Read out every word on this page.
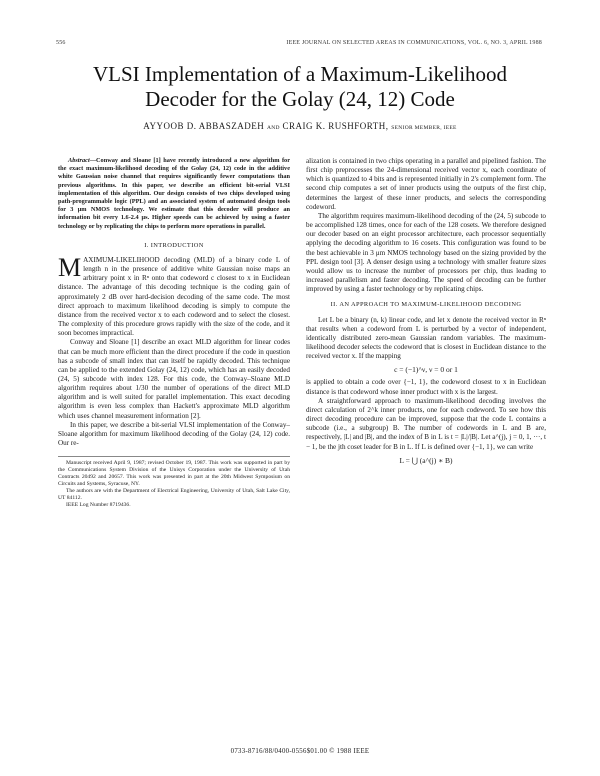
556	IEEE JOURNAL ON SELECTED AREAS IN COMMUNICATIONS, VOL. 6, NO. 3, APRIL 1988
VLSI Implementation of a Maximum-Likelihood
Decoder for the Golay (24, 12) Code
AYYOOB D. ABBASZADEH AND CRAIG K. RUSHFORTH, SENIOR MEMBER, IEEE

Abstract—Conway and Sloane [1] have recently introduced a new algorithm for the exact maximum-likelihood decoding of the Golay (24, 12) code in the additive white Gaussian noise channel that requires significantly fewer computations than previous algorithms. In this paper, we describe an efficient bit-serial VLSI implementation of this algorithm. Our design consists of two chips developed using path-programmable logic (PPL) and an associated system of automated design tools for 3 μm NMOS technology. We estimate that this decoder will produce an information bit every 1.6-2.4 μs. Higher speeds can be achieved by using a faster technology or by replicating the chips to perform more operations in parallel.

I. INTRODUCTION

MAXIMUM-LIKELIHOOD decoding (MLD) of a binary code L of length n in the presence of additive white Gaussian noise maps an arbitrary point x in Rⁿ onto that codeword c closest to x in Euclidean distance. The advantage of this decoding technique is the coding gain of approximately 2 dB over hard-decision decoding of the same code. The most direct approach to maximum likelihood decoding is simply to compute the distance from the received vector x to each codeword and to select the closest. The complexity of this procedure grows rapidly with the size of the code, and it soon becomes impractical.

Conway and Sloane [1] describe an exact MLD algorithm for linear codes that can be much more efficient than the direct procedure if the code in question has a subcode of small index that can itself be rapidly decoded. This technique can be applied to the extended Golay (24, 12) code, which has an easily decoded (24, 5) subcode with index 128. For this code, the Conway–Sloane MLD algorithm requires about 1/30 the number of operations of the direct MLD algorithm and is well suited for parallel implementation. This exact decoding algorithm is even less complex than Hackett's approximate MLD algorithm which uses channel measurement information [2].

In this paper, we describe a bit-serial VLSI implementation of the Conway–Sloane algorithm for maximum likelihood decoding of the Golay (24, 12) code. Our re-

Manuscript received April 9, 1987; revised October 19, 1987. This work was supported in part by the Communications System Division of the Unisys Corporation under the University of Utah Contracts 20492 and 20657. This work was presented in part at the 20th Midwest Symposium on Circuits and Systems, Syracuse, NY.

The authors are with the Department of Electrical Engineering, University of Utah, Salt Lake City, UT 84112.

IEEE Log Number 8719436.

alization is contained in two chips operating in a parallel and pipelined fashion. The first chip preprocesses the 24-dimensional received vector x, each coordinate of which is quantized to 4 bits and is represented initially in 2's complement form. The second chip computes a set of inner products using the outputs of the first chip, determines the largest of these inner products, and selects the corresponding codeword.

The algorithm requires maximum-likelihood decoding of the (24, 5) subcode to be accomplished 128 times, once for each of the 128 cosets. We therefore designed our decoder based on an eight processor architecture, each processor sequentially applying the decoding algorithm to 16 cosets. This configuration was found to be the best achievable in 3 μm NMOS technology based on the sizing provided by the PPL design tool [3]. A denser design using a technology with smaller feature sizes would allow us to increase the number of processors per chip, thus leading to increased parallelism and faster decoding. The speed of decoding can be further improved by using a faster technology or by replicating chips.

II. AN APPROACH TO MAXIMUM-LIKELIHOOD DECODING

Let L be a binary (n, k) linear code, and let x denote the received vector in Rⁿ that results when a codeword from L is perturbed by a vector of independent, identically distributed zero-mean Gaussian random variables. The maximum-likelihood decoder selects the codeword that is closest in Euclidean distance to the received vector x. If the mapping

c = (−1)^ν, ν = 0 or 1

is applied to obtain a code over {−1, 1}, the codeword closest to x in Euclidean distance is that codeword whose inner product with x is the largest.

A straightforward approach to maximum-likelihood decoding involves the direct calculation of 2^k inner products, one for each codeword. To see how this direct decoding procedure can be improved, suppose that the code L contains a subcode (i.e., a subgroup) B. The number of codewords in L and B are, respectively, |L| and |B|, and the index of B in L is t = |L|/|B|. Let a^(j), j = 0, 1, ···, t − 1, be the jth coset leader for B in L. If L is defined over {−1, 1}, we can write

L = ⋃ (a^(j) ∗ B)
0733-8716/88/0400-0556$01.00 © 1988 IEEE
